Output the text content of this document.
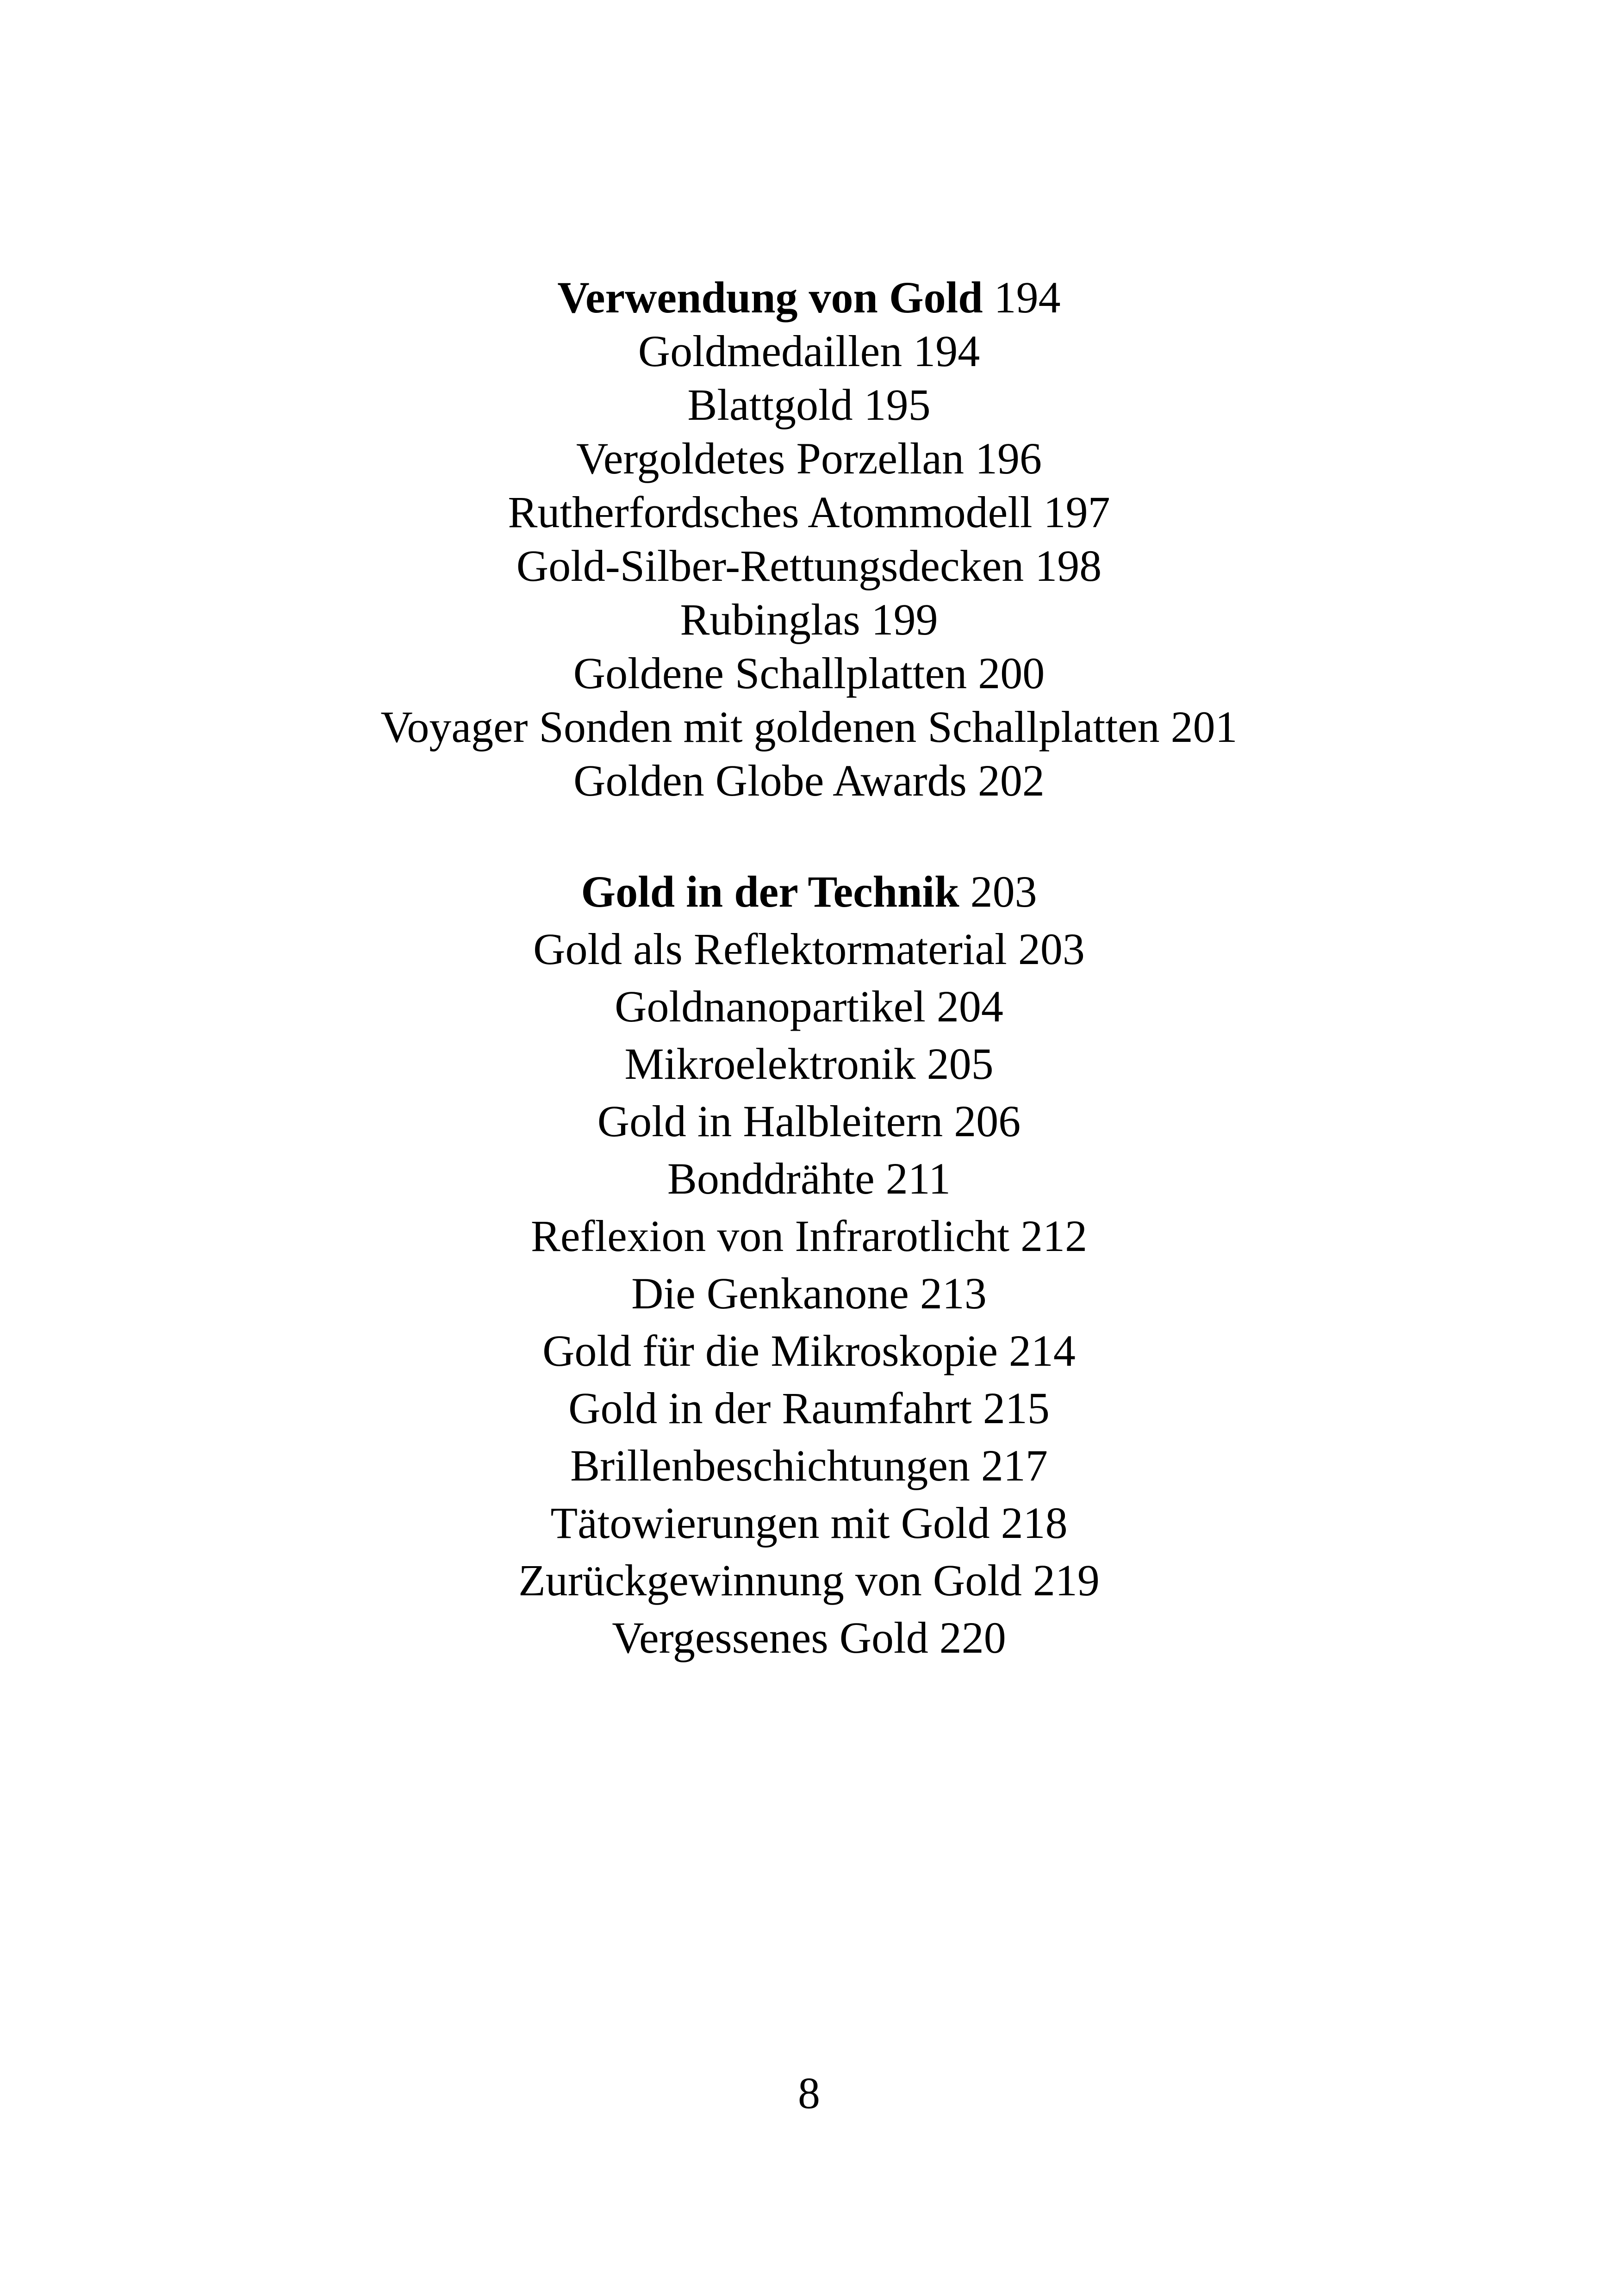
Verwendung von Gold 194
Goldmedaillen 194
Blattgold 195
Vergoldetes Porzellan 196
Rutherfordsches Atommodell 197
Gold-Silber-Rettungsdecken 198
Rubinglas 199
Goldene Schallplatten 200
Voyager Sonden mit goldenen Schallplatten 201
Golden Globe Awards 202
Gold in der Technik 203
Gold als Reflektormaterial 203
Goldnanopartikel 204
Mikroelektronik 205
Gold in Halbleitern 206
Bonddrähte 211
Reflexion von Infrarotlicht 212
Die Genkanone 213
Gold für die Mikroskopie 214
Gold in der Raumfahrt 215
Brillenbeschichtungen 217
Tätowierungen mit Gold 218
Zurückgewinnung von Gold 219
Vergessenes Gold 220
8
